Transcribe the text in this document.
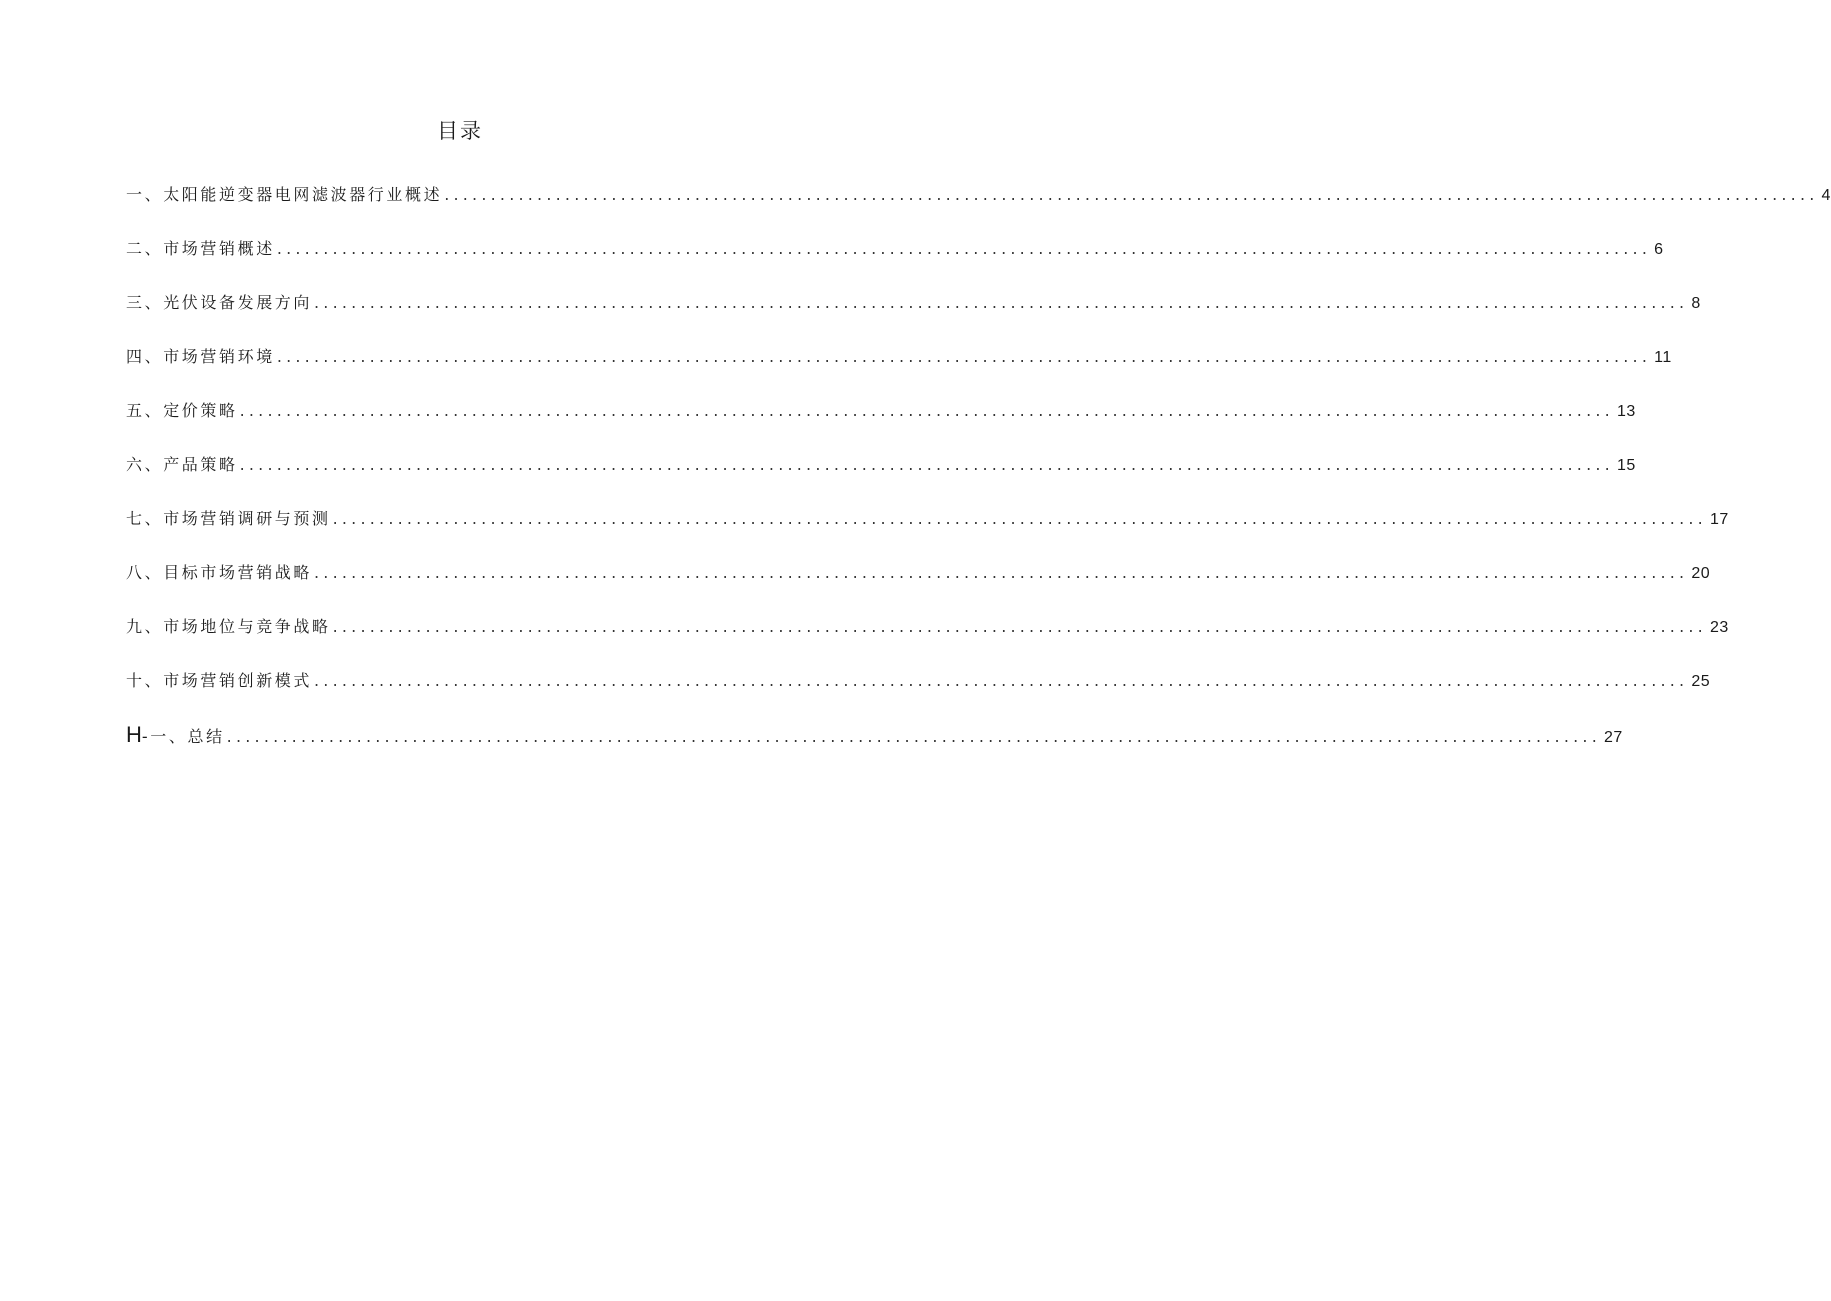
目录
一、太阳能逆变器电网滤波器行业概述 .................................................................................................................................................... 4
二、市场营销概述 .................................................................................................................................................... 6
三、光伏设备发展方向 .................................................................................................................................................... 8
四、市场营销环境 .................................................................................................................................................... 11
五、定价策略 .................................................................................................................................................... 13
六、产品策略 .................................................................................................................................................... 15
七、市场营销调研与预测 .................................................................................................................................................... 17
八、目标市场营销战略 .................................................................................................................................................... 20
九、市场地位与竞争战略 .................................................................................................................................................... 23
十、市场营销创新模式 .................................................................................................................................................... 25
H -一、总结 .................................................................................................................................................... 27
